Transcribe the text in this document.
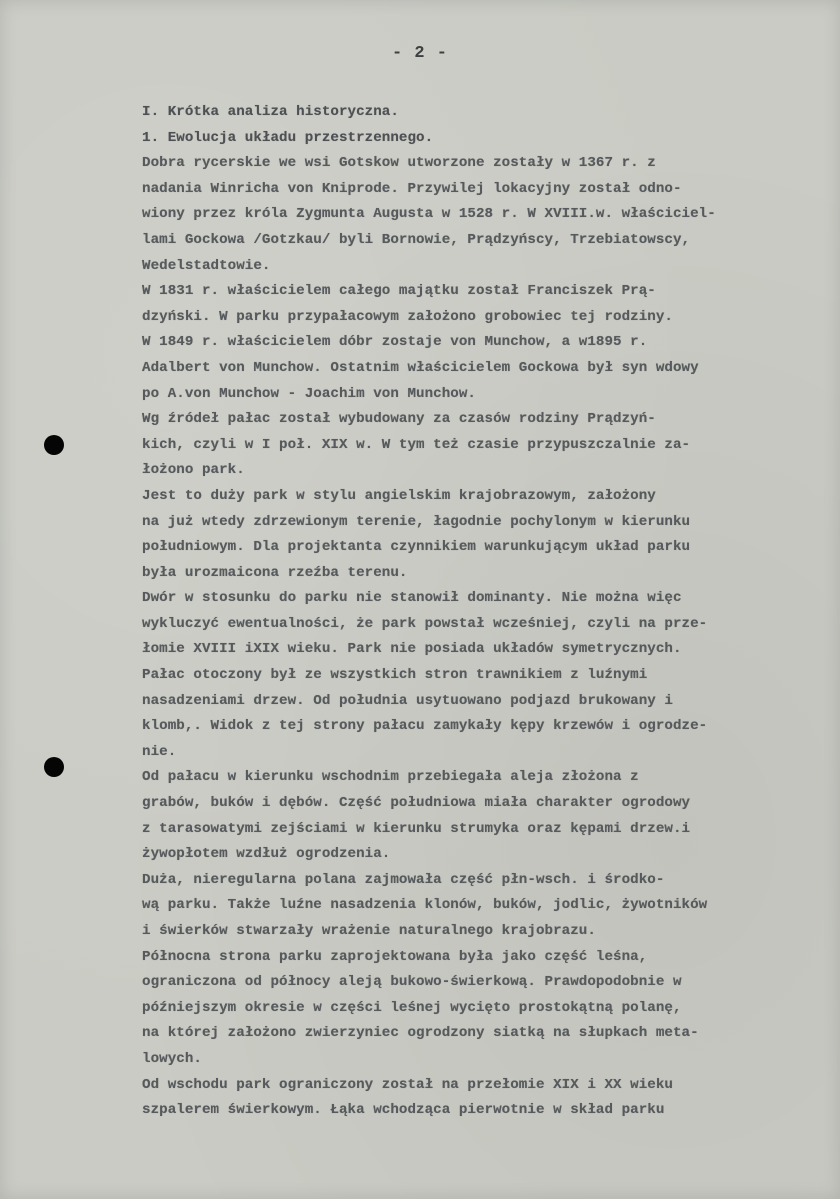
- 2 -
I. Krótka analiza historyczna.
1. Ewolucja układu przestrzennego.
Dobra rycerskie we wsi Gotskow utworzone zostały w 1367 r. z
nadania Winricha von Kniprode. Przywilej lokacyjny został odno-
wiony przez króla Zygmunta Augusta w 1528 r. W XVIII.w. właściciel-
lami Gockowa /Gotzkau/ byli Bornowie, Prądzyńscy, Trzebiatowscy,
Wedelstadtowie.
W 1831 r. właścicielem całego majątku został Franciszek Prą-
dzyński. W parku przypałacowym założono grobowiec tej rodziny.
W 1849 r. właścicielem dóbr zostaje von Munchow, a w1895 r.
Adalbert von Munchow. Ostatnim właścicielem Gockowa był syn wdowy
po A.von Munchow - Joachim von Munchow.
Wg źródeł pałac został wybudowany za czasów rodziny Prądzyń-
kich, czyli w I poł. XIX w. W tym też czasie przypuszczalnie za-
łożono park.
Jest to duży park w stylu angielskim krajobrazowym, założony
na już wtedy zdrzewionym terenie, łagodnie pochylonym w kierunku
południowym. Dla projektanta czynnikiem warunkującym układ parku
była urozmaicona rzeźba terenu.
Dwór w stosunku do parku nie stanowił dominanty. Nie można więc
wykluczyć ewentualności, że park powstał wcześniej, czyli na prze-
łomie XVIII iXIX wieku. Park nie posiada układów symetrycznych.
Pałac otoczony był ze wszystkich stron trawnikiem z luźnymi
nasadzeniami drzew. Od południa usytuowano podjazd brukowany i
klomb,. Widok z tej strony pałacu zamykały kępy krzewów i ogrodze-
nie.
Od pałacu w kierunku wschodnim przebiegała aleja złożona z
grabów, buków i dębów. Część południowa miała charakter ogrodowy
z tarasowatymi zejściami w kierunku strumyka oraz kępami drzew.i
żywopłotem wzdłuż ogrodzenia.
Duża, nieregularna polana zajmowała część płn-wsch. i środko-
wą parku. Także luźne nasadzenia klonów, buków, jodlic, żywotników
i świerków stwarzały wrażenie naturalnego krajobrazu.
Północna strona parku zaprojektowana była jako część leśna,
ograniczona od północy aleją bukowo-świerkową. Prawdopodobnie w
późniejszym okresie w części leśnej wycięto prostokątną polanę,
na której założono zwierzyniec ogrodzony siatką na słupkach meta-
lowych.
Od wschodu park ograniczony został na przełomie XIX i XX wieku
szpalerem świerkowym. Łąka wchodząca pierwotnie w skład parku
